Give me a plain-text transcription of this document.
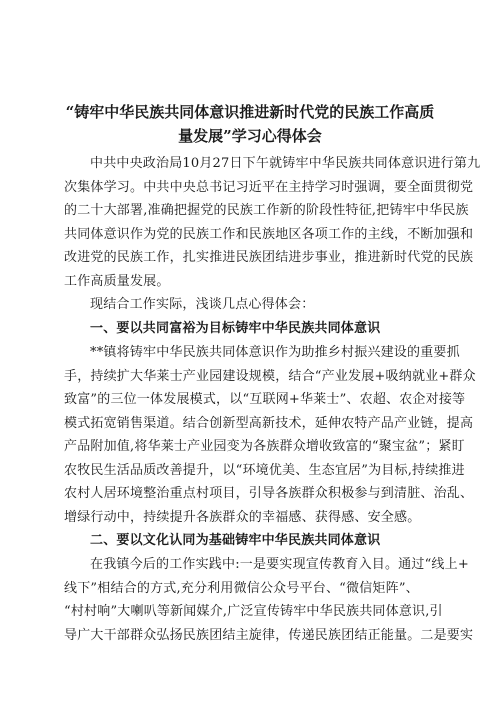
“铸牢中华民族共同体意识推进新时代党的民族工作高质
量发展”学习心得体会
中共中央政治局10月27日下午就铸牢中华民族共同体意识进行第九
次集体学习。中共中央总书记习近平在主持学习时强调，要全面贯彻党
的二十大部署,准确把握党的民族工作新的阶段性特征,把铸牢中华民族
共同体意识作为党的民族工作和民族地区各项工作的主线，不断加强和
改进党的民族工作，扎实推进民族团结进步事业，推进新时代党的民族
工作高质量发展。
现结合工作实际，浅谈几点心得体会：
一、要以共同富裕为目标铸牢中华民族共同体意识
**镇将铸牢中华民族共同体意识作为助推乡村振兴建设的重要抓
手，持续扩大华莱士产业园建设规模，结合“产业发展+吸纳就业+群众
致富”的三位一体发展模式，以“互联网+华莱士”、农超、农企对接等
模式拓宽销售渠道。结合创新型高新技术，延伸农特产品产业链，提高
产品附加值,将华莱士产业园变为各族群众增收致富的“聚宝盆”；紧盯
农牧民生活品质改善提升，以“环境优美、生态宜居”为目标,持续推进
农村人居环境整治重点村项目，引导各族群众积极参与到清脏、治乱、
增绿行动中，持续提升各族群众的幸福感、获得感、安全感。
二、要以文化认同为基础铸牢中华民族共同体意识
在我镇今后的工作实践中:一是要实现宣传教育入目。通过“线上+
线下”相结合的方式,充分利用微信公众号平台、“微信矩阵”、
“村村响”大喇叭等新闻媒介,广泛宣传铸牢中华民族共同体意识,引
导广大干部群众弘扬民族团结主旋律，传递民族团结正能量。二是要实
